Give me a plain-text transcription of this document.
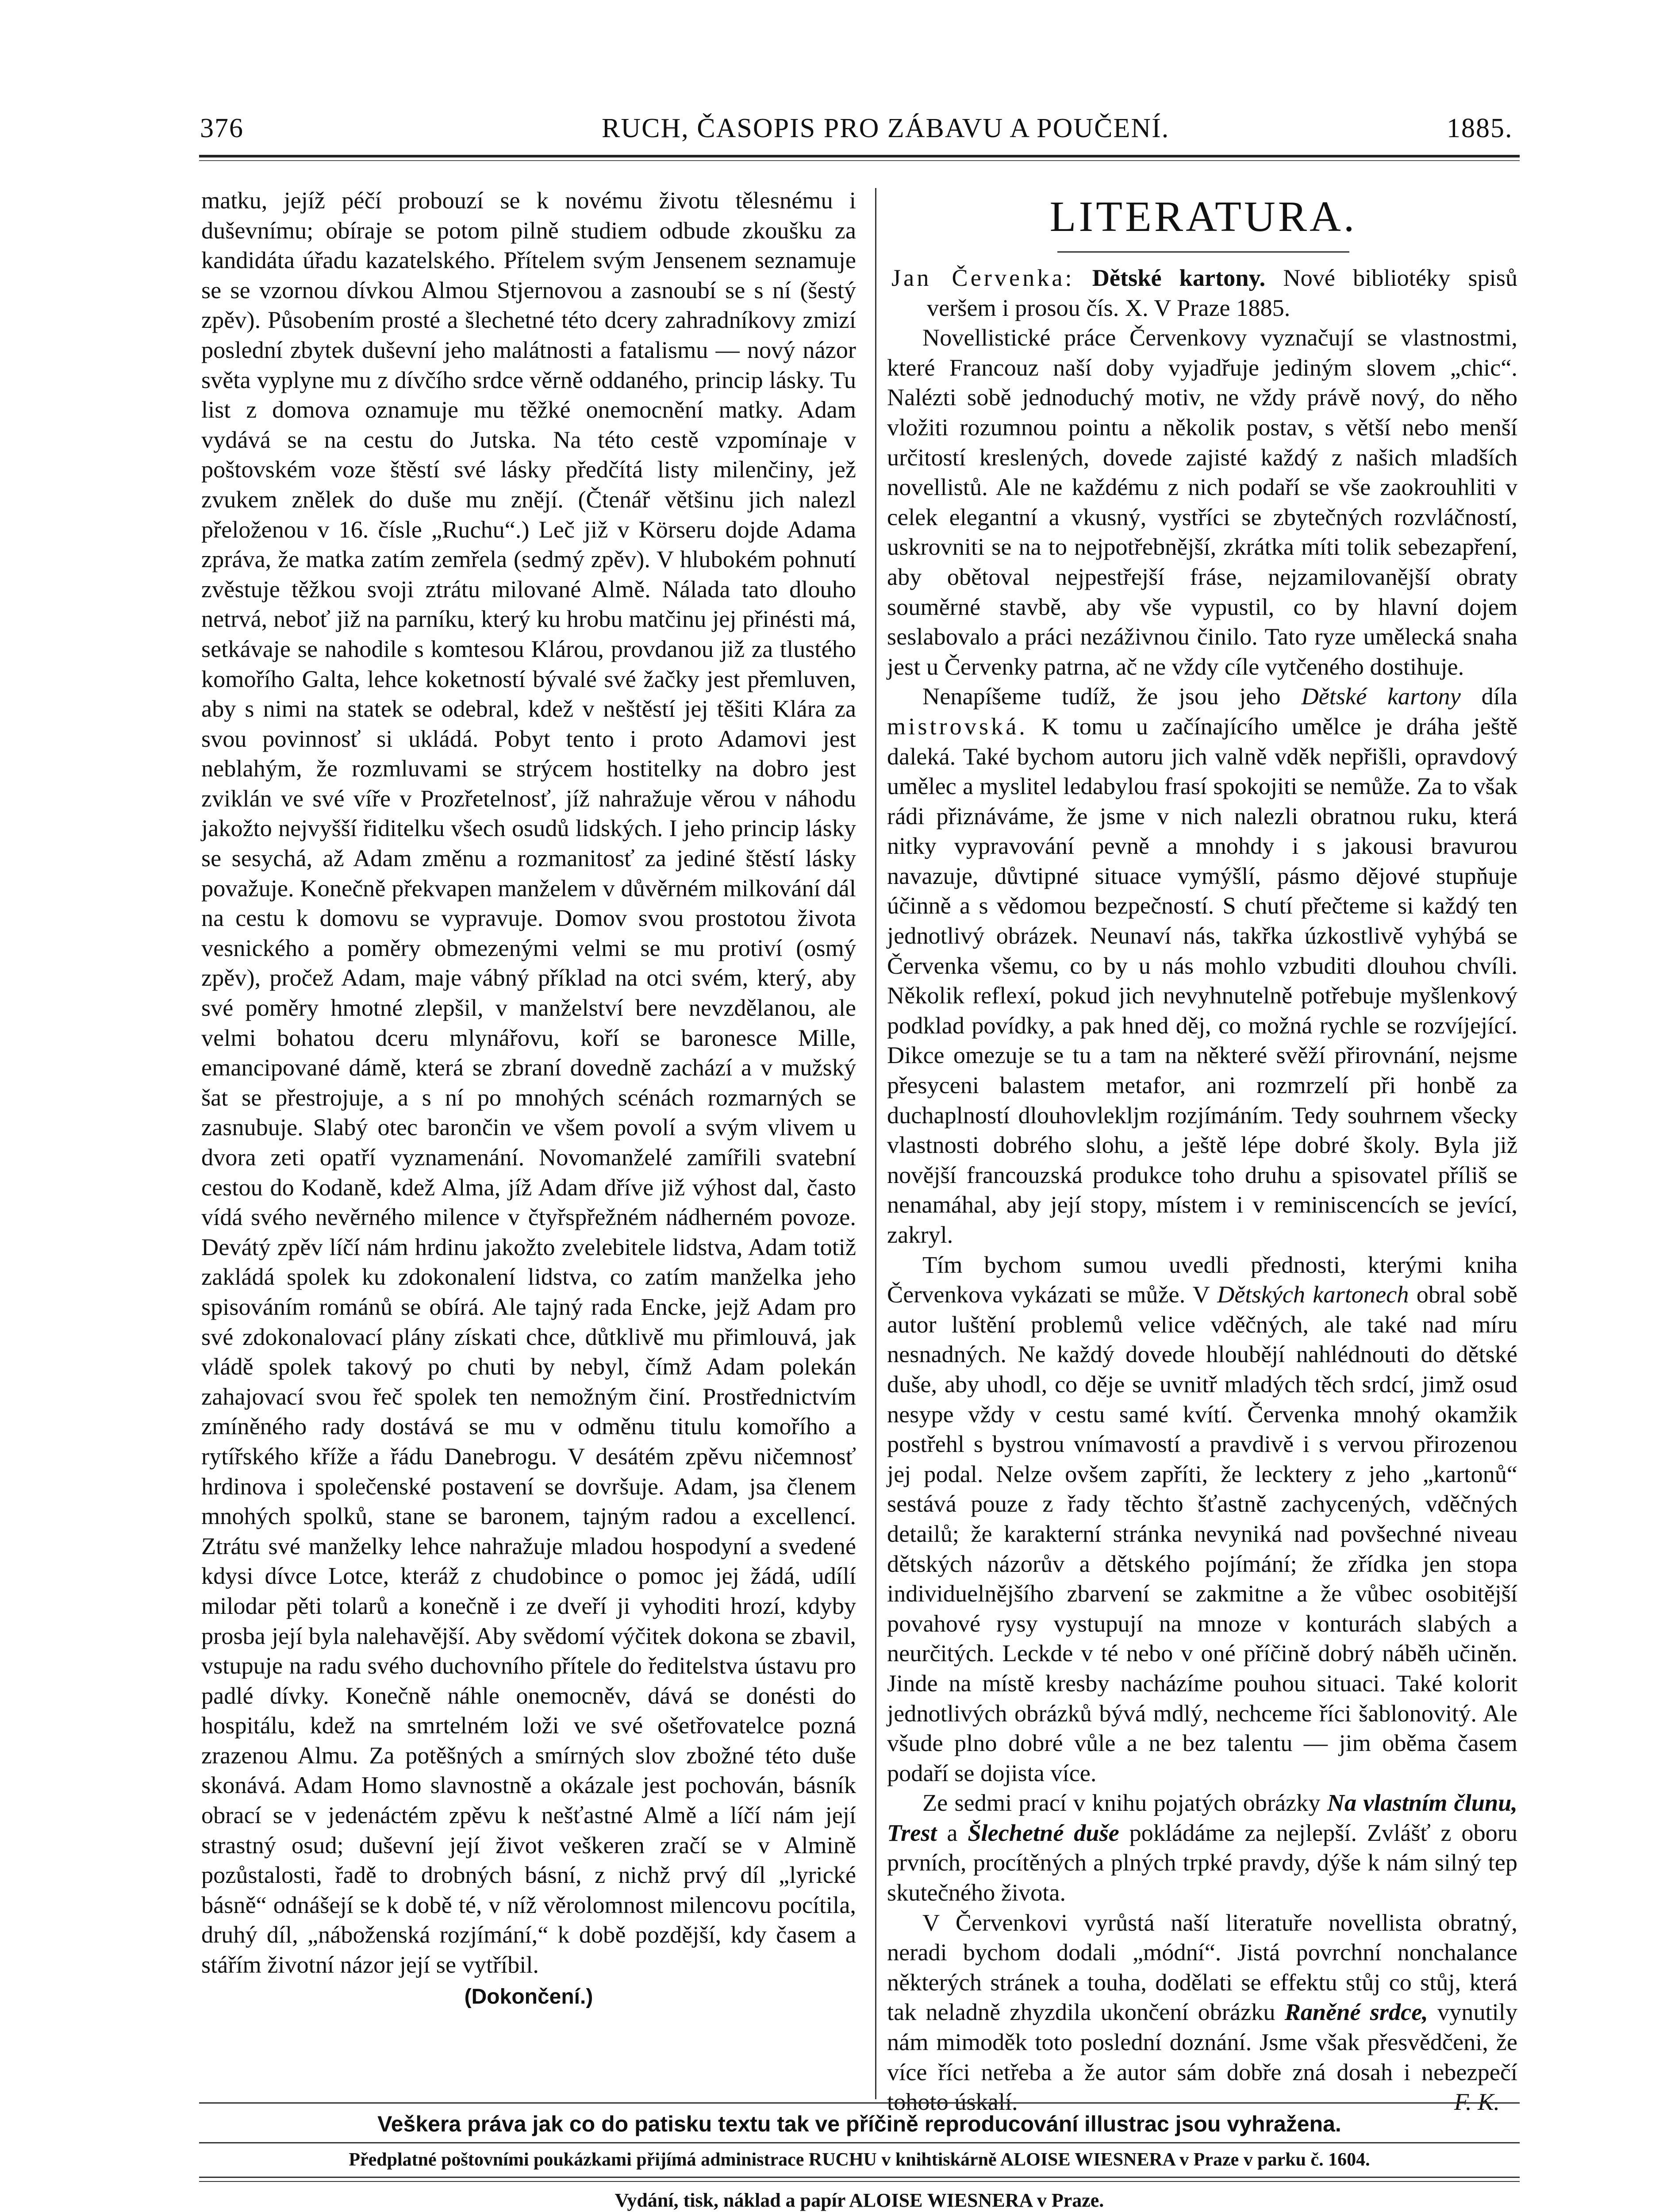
376	RUCH, ČASOPIS PRO ZÁBAVU A POUČENÍ.	1885.

matku, jejíž péčí probouzí se k novému životu tělesnému i duševnímu; obíraje se potom pilně studiem odbude zkoušku za kandidáta úřadu kazatelského. Přítelem svým Jensenem seznamuje se se vzornou dívkou Almou Stjernovou a zasnoubí se s ní (šestý zpěv). Působením prosté a šlechetné této dcery zahradníkovy zmizí poslední zbytek duševní jeho malátnosti a fatalismu — nový názor světa vyplyne mu z dívčího srdce věrně oddaného, princip lásky. Tu list z domova oznamuje mu těžké onemocnění matky. Adam vydává se na cestu do Jutska. Na této cestě vzpomínaje v poštovském voze štěstí své lásky předčítá listy milenčiny, jež zvukem znělek do duše mu znějí. (Čtenář většinu jich nalezl přeloženou v 16. čísle „Ruchu“.) Leč již v Körseru dojde Adama zpráva, že matka zatím zemřela (sedmý zpěv). V hlubokém pohnutí zvěstuje těžkou svoji ztrátu milované Almě. Nálada tato dlouho netrvá, neboť již na parníku, který ku hrobu matčinu jej přinésti má, setkávaje se nahodile s komtesou Klárou, provdanou již za tlustého komořího Galta, lehce koketností bývalé své žačky jest přemluven, aby s nimi na statek se odebral, kdež v neštěstí jej těšiti Klára za svou povinnosť si ukládá. Pobyt tento i proto Adamovi jest neblahým, že rozmluvami se strýcem hostitelky na dobro jest zviklán ve své víře v Prozřetelnosť, jíž nahražuje věrou v náhodu jakožto nejvyšší řiditelku všech osudů lidských. I jeho princip lásky se sesychá, až Adam změnu a rozmanitosť za jediné štěstí lásky považuje. Konečně překvapen manželem v důvěrném milkování dál na cestu k domovu se vypravuje. Domov svou prostotou života vesnického a poměry obmezenými velmi se mu protiví (osmý zpěv), pročež Adam, maje vábný příklad na otci svém, který, aby své poměry hmotné zlepšil, v manželství bere nevzdělanou, ale velmi bohatou dceru mlynářovu, koří se baronesce Mille, emancipované dámě, která se zbraní dovedně zachází a v mužský šat se přestrojuje, a s ní po mnohých scénách rozmarných se zasnubuje. Slabý otec barončin ve všem povolí a svým vlivem u dvora zeti opatří vyznamenání. Novomanželé zamířili svatební cestou do Kodaně, kdež Alma, jíž Adam dříve již výhost dal, často vídá svého nevěrného milence v čtyřspřežném nádherném povoze. Devátý zpěv líčí nám hrdinu jakožto zvelebitele lidstva, Adam totiž zakládá spolek ku zdokonalení lidstva, co zatím manželka jeho spisováním románů se obírá. Ale tajný rada Encke, jejž Adam pro své zdokonalovací plány získati chce, důtklivě mu přimlouvá, jak vládě spolek takový po chuti by nebyl, čímž Adam polekán zahajovací svou řeč spolek ten nemožným činí. Prostřednictvím zmíněného rady dostává se mu v odměnu titulu komořího a rytířského kříže a řádu Danebrogu. V desátém zpěvu ničemnosť hrdinova i společenské postavení se dovršuje. Adam, jsa členem mnohých spolků, stane se baronem, tajným radou a excellencí. Ztrátu své manželky lehce nahražuje mladou hospodyní a svedené kdysi dívce Lotce, kteráž z chudobince o pomoc jej žádá, udílí milodar pěti tolarů a konečně i ze dveří ji vyhoditi hrozí, kdyby prosba její byla nalehavější. Aby svědomí výčitek dokona se zbavil, vstupuje na radu svého duchovního přítele do ředitelstva ústavu pro padlé dívky. Konečně náhle onemocněv, dává se donésti do hospitálu, kdež na smrtelném loži ve své ošetřovatelce pozná zrazenou Almu. Za potěšných a smírných slov zbožné této duše skonává. Adam Homo slavnostně a okázale jest pochován, básník obrací se v jedenáctém zpěvu k nešťastné Almě a líčí nám její strastný osud; duševní její život veškeren zračí se v Almině pozůstalosti, řadě to drobných básní, z nichž prvý díl „lyrické básně“ odnášejí se k době té, v níž věrolomnost milencovu pocítila, druhý díl, „náboženská rozjímání,“ k době pozdější, kdy časem a stářím životní názor její se vytříbil.

(Dokončení.)
LITERATURA.

Jan Červenka: Dětské kartony. Nové bibliotéky spisů veršem i prosou čís. X. V Praze 1885.

Novellistické práce Červenkovy vyznačují se vlastnostmi, které Francouz naší doby vyjadřuje jediným slovem „chic“. Nalézti sobě jednoduchý motiv, ne vždy právě nový, do něho vložiti rozumnou pointu a několik postav, s větší nebo menší určitostí kreslených, dovede zajisté každý z našich mladších novellistů. Ale ne každému z nich podaří se vše zaokrouhliti v celek elegantní a vkusný, vystříci se zbytečných rozvláčností, uskrovniti se na to nejpotřebnější, zkrátka míti tolik sebezapření, aby obětoval nejpestřejší fráse, nejzamilovanější obraty souměrné stavbě, aby vše vypustil, co by hlavní dojem seslabovalo a práci nezáživnou činilo. Tato ryze umělecká snaha jest u Červenky patrna, ač ne vždy cíle vytčeného dostihuje.

Nenapíšeme tudíž, že jsou jeho Dětské kartony díla mistrovská. K tomu u začínajícího umělce je dráha ještě daleká. Také bychom autoru jich valně vděk nepřišli, opravdový umělec a myslitel ledabylou frasí spokojiti se nemůže. Za to však rádi přiznáváme, že jsme v nich nalezli obratnou ruku, která nitky vypravování pevně a mnohdy i s jakousi bravurou navazuje, důvtipné situace vymýšlí, pásmo dějové stupňuje účinně a s vědomou bezpečností. S chutí přečteme si každý ten jednotlivý obrázek. Neunaví nás, takřka úzkostlivě vyhýbá se Červenka všemu, co by u nás mohlo vzbuditi dlouhou chvíli. Několik reflexí, pokud jich nevyhnutelně potřebuje myšlenkový podklad povídky, a pak hned děj, co možná rychle se rozvíjející. Dikce omezuje se tu a tam na některé svěží přirovnání, nejsme přesyceni balastem metafor, ani rozmrzelí při honbě za duchaplností dlouhovlekljm rozjímáním. Tedy souhrnem všecky vlastnosti dobrého slohu, a ještě lépe dobré školy. Byla již novější francouzská produkce toho druhu a spisovatel příliš se nenamáhal, aby její stopy, místem i v reminiscencích se jevící, zakryl.

Tím bychom sumou uvedli přednosti, kterými kniha Červenkova vykázati se může. V Dětských kartonech obral sobě autor luštění problemů velice vděčných, ale také nad míru nesnadných. Ne každý dovede hloubějí nahlédnouti do dětské duše, aby uhodl, co děje se uvnitř mladých těch srdcí, jimž osud nesype vždy v cestu samé kvítí. Červenka mnohý okamžik postřehl s bystrou vnímavostí a pravdivě i s vervou přirozenou jej podal. Nelze ovšem zapříti, že lecktery z jeho „kartonů“ sestává pouze z řady těchto šťastně zachycených, vděčných detailů; že karakterní stránka nevyniká nad povšechné niveau dětských názorův a dětského pojímání; že zřídka jen stopa individuelnějšího zbarvení se zakmitne a že vůbec osobitější povahové rysy vystupují na mnoze v konturách slabých a neurčitých. Leckde v té nebo v oné příčině dobrý náběh učiněn. Jinde na místě kresby nacházíme pouhou situaci. Také kolorit jednotlivých obrázků bývá mdlý, nechceme říci šablonovitý. Ale všude plno dobré vůle a ne bez talentu — jim oběma časem podaří se dojista více.

Ze sedmi prací v knihu pojatých obrázky Na vlastním člunu, Trest a Šlechetné duše pokládáme za nejlepší. Zvlášť z oboru prvních, procítěných a plných trpké pravdy, dýše k nám silný tep skutečného života.

V Červenkovi vyrůstá naší literatuře novellista obratný, neradi bychom dodali „módní“. Jistá povrchní nonchalance některých stránek a touha, dodělati se effektu stůj co stůj, která tak neladně zhyzdila ukončení obrázku Raněné srdce, vynutily nám mimoděk toto poslední doznání. Jsme však přesvědčeni, že více říci netřeba a že autor sám dobře zná dosah i nebezpečí tohoto úskalí.	F. K.

Veškera práva jak co do patisku textu tak ve příčině reproducování illustrac jsou vyhražena.
Předplatné poštovními poukázkami přijímá administrace RUCHU v knihtiskárně ALOISE WIESNERA v Praze v parku č. 1604.
Vydání, tisk, náklad a papír ALOISE WIESNERA v Praze.
